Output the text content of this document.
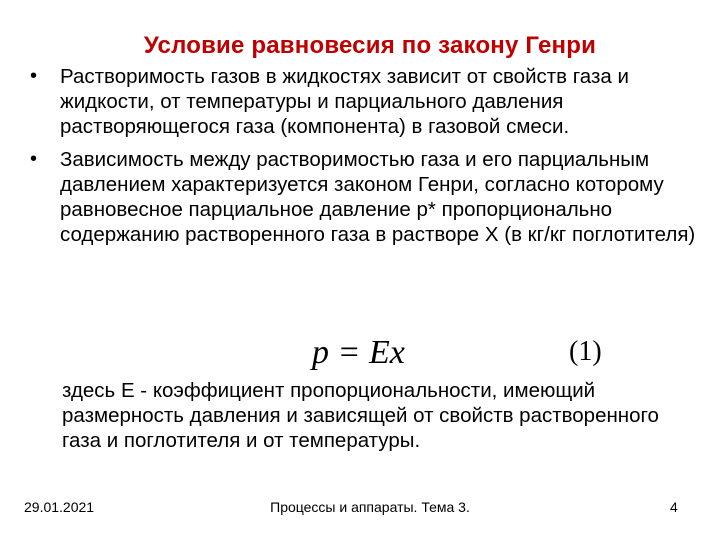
Условие равновесия по закону Генри
• Растворимость газов в жидкостях зависит от свойств газа и жидкости, от температуры и парциального давления растворяющегося газа (компонента) в газовой смеси.
• Зависимость между растворимостью газа и его парциальным давлением характеризуется законом Генри, согласно которому равновесное парциальное давление р* пропорционально содержанию растворенного газа в растворе X (в кг/кг поглотителя)
p = Ex	(1)
здесь E - коэффициент пропорциональности, имеющий размерность давления и зависящей от свойств растворенного газа и поглотителя и от температуры.
29.01.2021	Процессы и аппараты. Тема 3.	4
